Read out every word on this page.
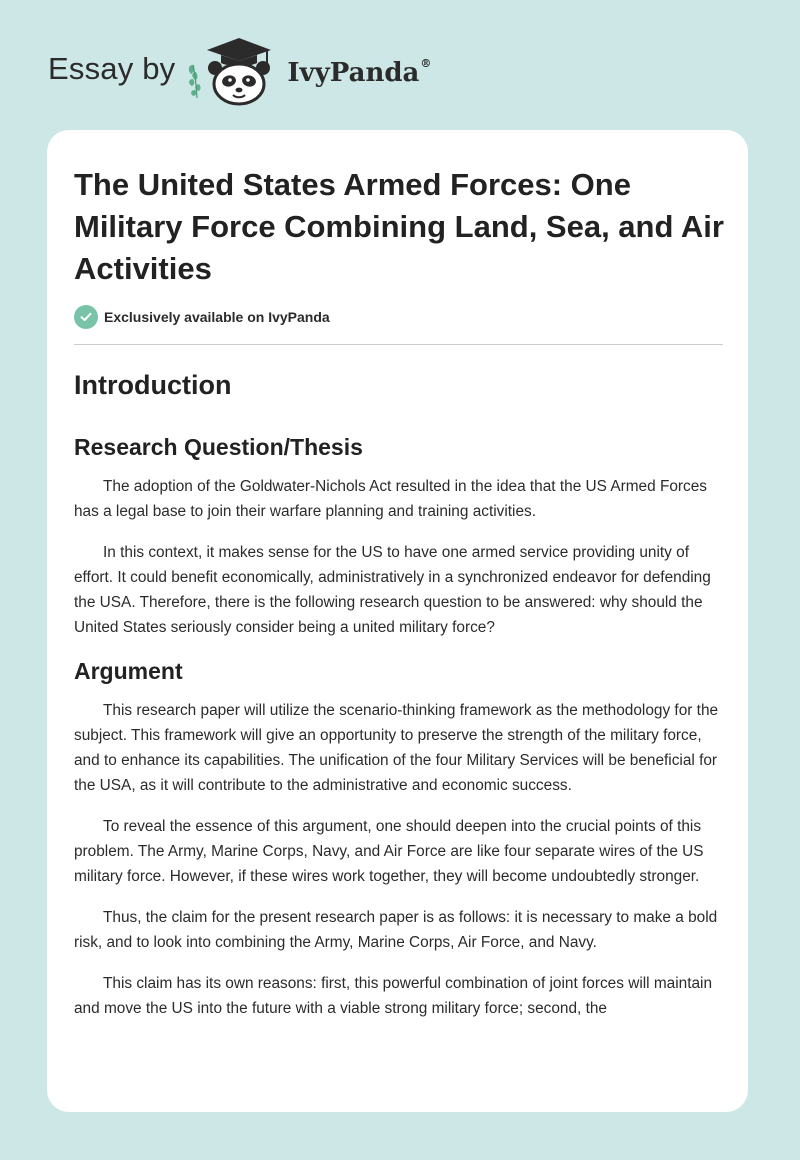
Essay by	IvyPanda®
The United States Armed Forces: One Military Force Combining Land, Sea, and Air Activities
Exclusively available on IvyPanda
Introduction
Research Question/Thesis

The adoption of the Goldwater-Nichols Act resulted in the idea that the US Armed Forces has a legal base to join their warfare planning and training activities.

In this context, it makes sense for the US to have one armed service providing unity of effort. It could benefit economically, administratively in a synchronized endeavor for defending the USA. Therefore, there is the following research question to be answered: why should the United States seriously consider being a united military force?

Argument

This research paper will utilize the scenario-thinking framework as the methodology for the subject. This framework will give an opportunity to preserve the strength of the military force, and to enhance its capabilities. The unification of the four Military Services will be beneficial for the USA, as it will contribute to the administrative and economic success.

To reveal the essence of this argument, one should deepen into the crucial points of this problem. The Army, Marine Corps, Navy, and Air Force are like four separate wires of the US military force. However, if these wires work together, they will become undoubtedly stronger.

Thus, the claim for the present research paper is as follows: it is necessary to make a bold risk, and to look into combining the Army, Marine Corps, Air Force, and Navy.

This claim has its own reasons: first, this powerful combination of joint forces will maintain and move the US into the future with a viable strong military force; second, the
